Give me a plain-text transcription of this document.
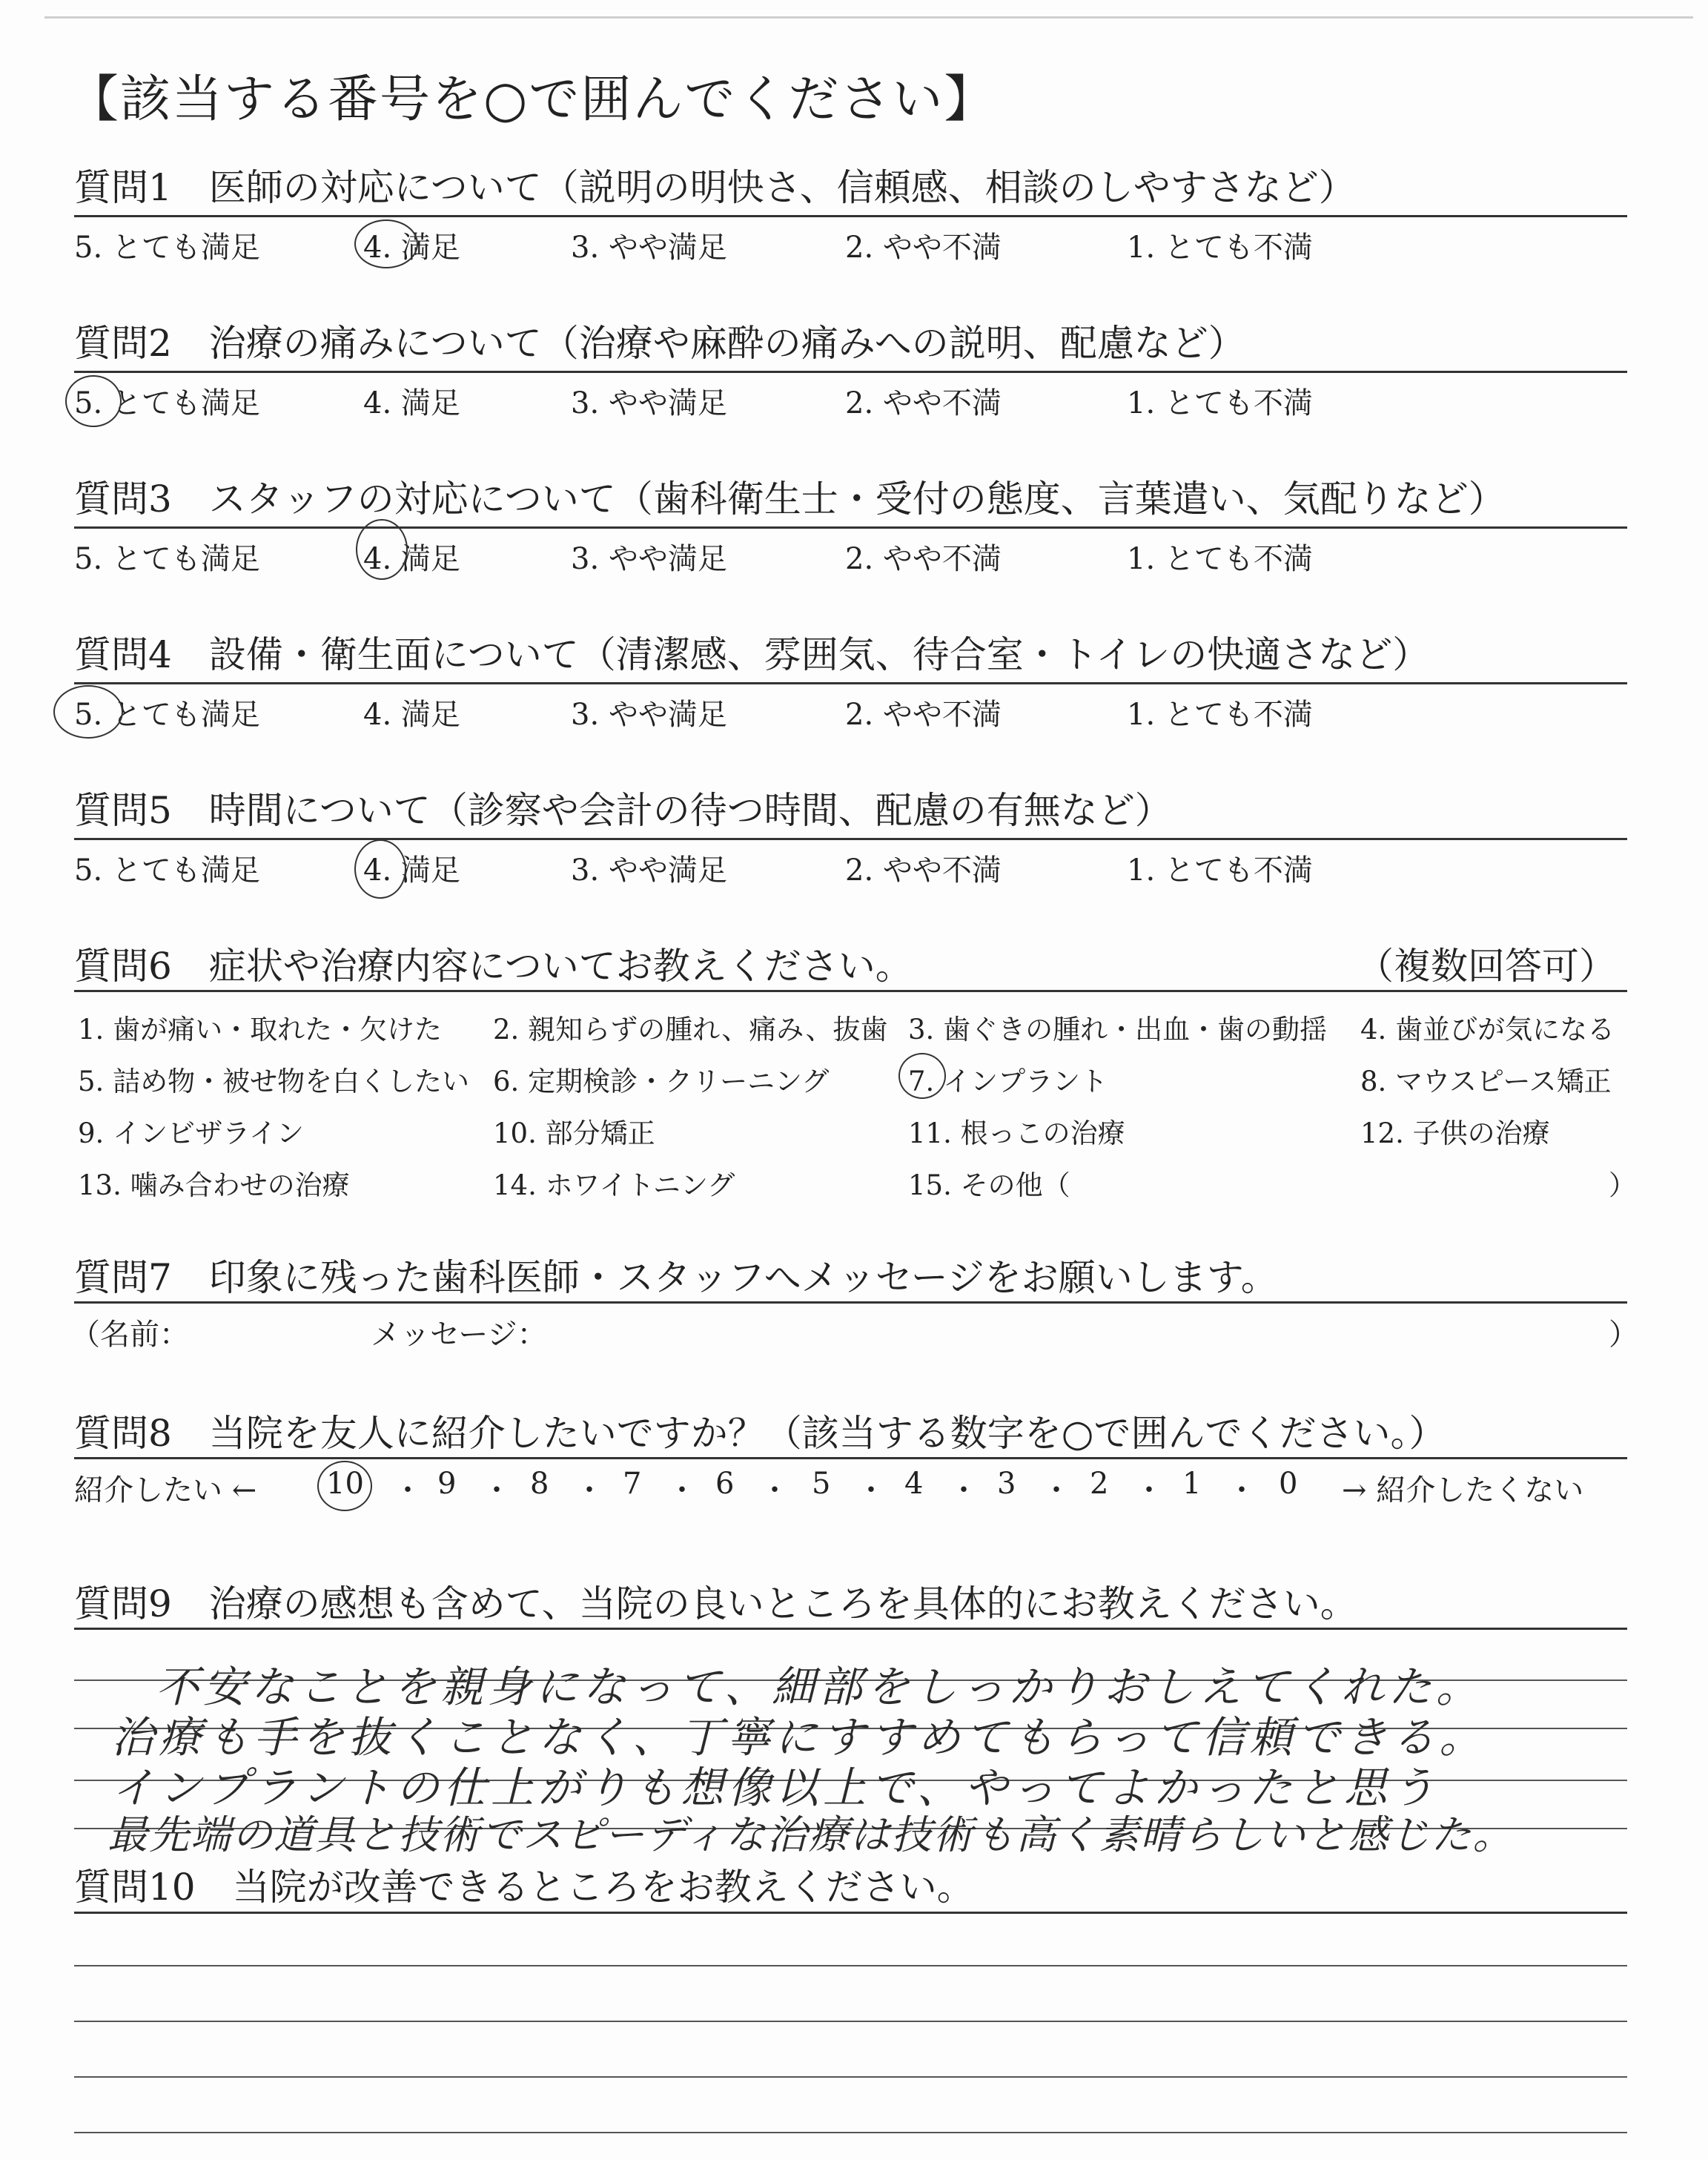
【該当する番号を○で囲んでください】
質問1　医師の対応について（説明の明快さ、信頼感、相談のしやすさなど）
5. とても満足	4. 満足	3. やや満足	2. やや不満	1. とても不満
質問2　治療の痛みについて（治療や麻酔の痛みへの説明、配慮など）
5. とても満足	4. 満足	3. やや満足	2. やや不満	1. とても不満
質問3　スタッフの対応について（歯科衛生士・受付の態度、言葉遣い、気配りなど）
5. とても満足	4. 満足	3. やや満足	2. やや不満	1. とても不満
質問4　設備・衛生面について（清潔感、雰囲気、待合室・トイレの快適さなど）
5. とても満足	4. 満足	3. やや満足	2. やや不満	1. とても不満
質問5　時間について（診察や会計の待つ時間、配慮の有無など）
5. とても満足	4. 満足	3. やや満足	2. やや不満	1. とても不満
質問6　症状や治療内容についてお教えください。	（複数回答可）
1. 歯が痛い・取れた・欠けた 2. 親知らずの腫れ、痛み、抜歯 3. 歯ぐきの腫れ・出血・歯の動揺 4. 歯並びが気になる
5. 詰め物・被せ物を白くしたい 6. 定期検診・クリーニング	7. インプラント	8. マウスピース矯正
9. インビザライン	10. 部分矯正	11. 根っこの治療	12. 子供の治療
13. 噛み合わせの治療	14. ホワイトニング	15. その他（	）
質問7　印象に残った歯科医師・スタッフへメッセージをお願いします。
（名前：	メッセージ：	）
質問8　当院を友人に紹介したいですか？（該当する数字を○で囲んでください。）
紹介したい ← 10 ・ 9 ・ 8 ・ 7 ・ 6 ・ 5 ・ 4 ・ 3 ・ 2 ・ 1 ・ 0 → 紹介したくない
質問9　治療の感想も含めて、当院の良いところを具体的にお教えください。
不安なことを親身になって、細部をしっかりおしえてくれた。
治療も手を抜くことなく、丁寧にすすめてもらって信頼できる。
インプラントの仕上がりも想像以上で、やってよかったと思う
最先端の道具と技術でスピーディな治療は技術も高く素晴らしいと感じた。
質問10　当院が改善できるところをお教えください。
